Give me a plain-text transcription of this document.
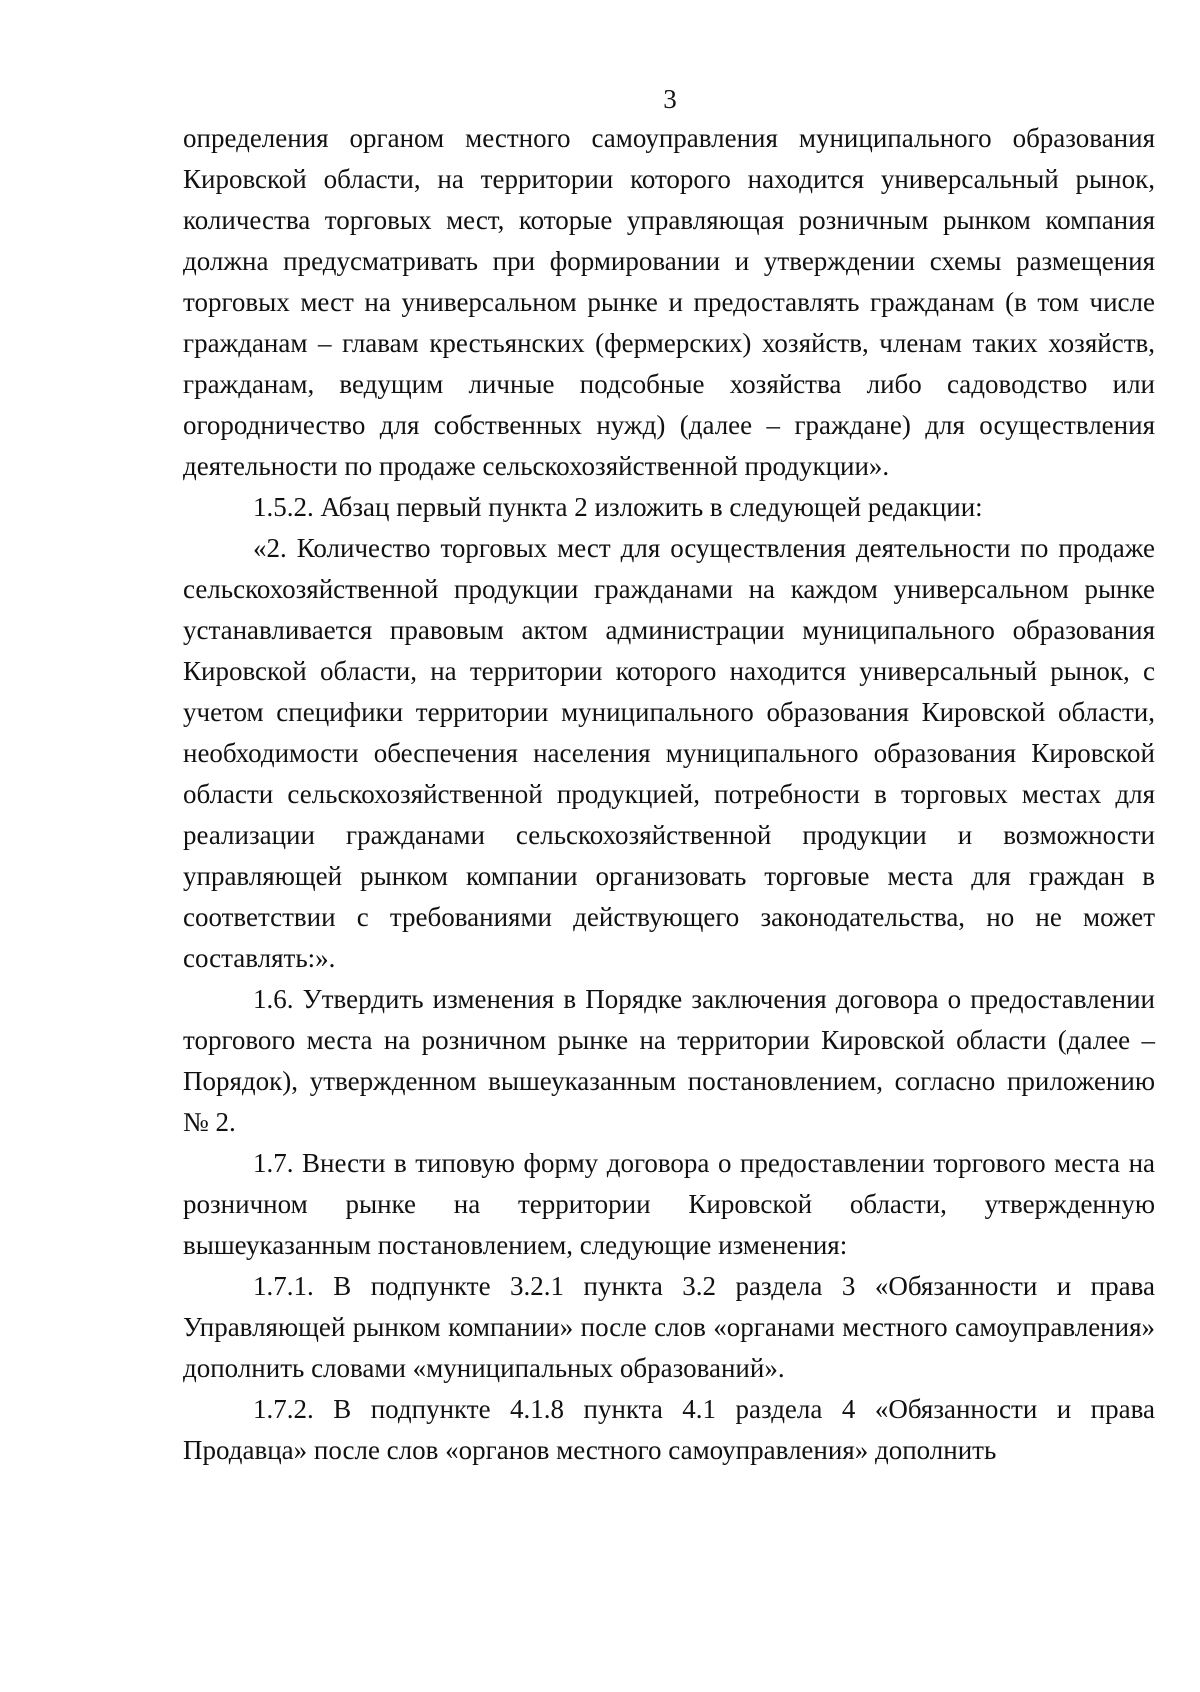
3

определения органом местного самоуправления муниципального образования Кировской области, на территории которого находится универсальный рынок, количества торговых мест, которые управляющая розничным рынком компания должна предусматривать при формировании и утверждении схемы размещения торговых мест на универсальном рынке и предоставлять гражданам (в том числе гражданам – главам крестьянских (фермерских) хозяйств, членам таких хозяйств, гражданам, ведущим личные подсобные хозяйства либо садоводство или огородничество для собственных нужд) (далее – граждане) для осуществления деятельности по продаже сельскохозяйственной продукции».

1.5.2. Абзац первый пункта 2 изложить в следующей редакции:

«2. Количество торговых мест для осуществления деятельности по продаже сельскохозяйственной продукции гражданами на каждом универсальном рынке устанавливается правовым актом администрации муниципального образования Кировской области, на территории которого находится универсальный рынок, с учетом специфики территории муниципального образования Кировской области, необходимости обеспечения населения муниципального образования Кировской области сельскохозяйственной продукцией, потребности в торговых местах для реализации гражданами сельскохозяйственной продукции и возможности управляющей рынком компании организовать торговые места для граждан в соответствии с требованиями действующего законодательства, но не может составлять:».

1.6. Утвердить изменения в Порядке заключения договора о предоставлении торгового места на розничном рынке на территории Кировской области (далее – Порядок), утвержденном вышеуказанным постановлением, согласно приложению № 2.

1.7. Внести в типовую форму договора о предоставлении торгового места на розничном рынке на территории Кировской области, утвержденную вышеуказанным постановлением, следующие изменения:

1.7.1. В подпункте 3.2.1 пункта 3.2 раздела 3 «Обязанности и права Управляющей рынком компании» после слов «органами местного самоуправления» дополнить словами «муниципальных образований».

1.7.2. В подпункте 4.1.8 пункта 4.1 раздела 4 «Обязанности и права Продавца» после слов «органов местного самоуправления» дополнить
